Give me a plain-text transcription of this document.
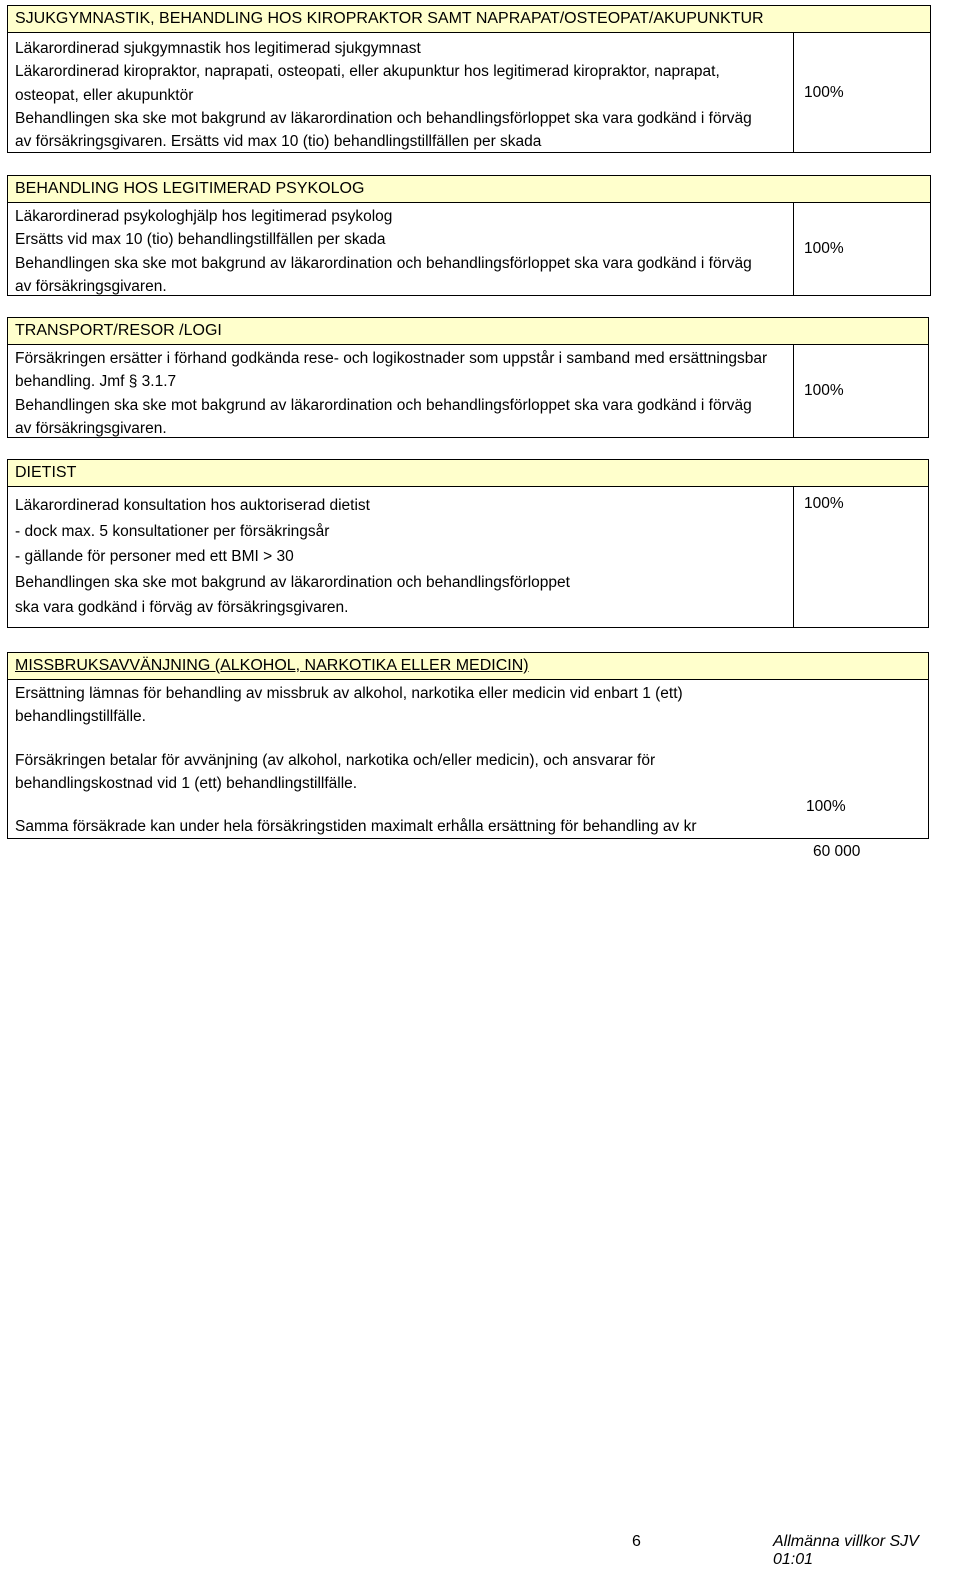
SJUKGYMNASTIK, BEHANDLING HOS KIROPRAKTOR SAMT NAPRAPAT/OSTEOPAT/AKUPUNKTUR
Läkarordinerad sjukgymnastik hos legitimerad sjukgymnast
Läkarordinerad kiropraktor, naprapati, osteopati, eller akupunktur hos legitimerad kiropraktor, naprapat,
osteopat, eller akupunktör
Behandlingen ska ske mot bakgrund av läkarordination och behandlingsförloppet ska vara godkänd i förväg
av försäkringsgivaren. Ersätts vid max 10 (tio) behandlingstillfällen per skada
100%
BEHANDLING HOS LEGITIMERAD PSYKOLOG
Läkarordinerad psykologhjälp hos legitimerad psykolog
Ersätts vid max 10 (tio) behandlingstillfällen per skada
Behandlingen ska ske mot bakgrund av läkarordination och behandlingsförloppet ska vara godkänd i förväg
av försäkringsgivaren.
100%
TRANSPORT/RESOR /LOGI
Försäkringen ersätter i förhand godkända rese- och logikostnader som uppstår i samband med ersättningsbar
behandling. Jmf § 3.1.7
Behandlingen ska ske mot bakgrund av läkarordination och behandlingsförloppet ska vara godkänd i förväg
av försäkringsgivaren.
100%
DIETIST
Läkarordinerad konsultation hos auktoriserad dietist
- dock max. 5 konsultationer per försäkringsår
- gällande för personer med ett BMI > 30
Behandlingen ska ske mot bakgrund av läkarordination och behandlingsförloppet
ska vara godkänd i förväg av försäkringsgivaren.
100%
MISSBRUKSAVVÄNJNING (ALKOHOL, NARKOTIKA ELLER MEDICIN)
Ersättning lämnas för behandling av missbruk av alkohol, narkotika eller medicin vid enbart 1 (ett)
behandlingstillfälle.
Försäkringen betalar för avvänjning (av alkohol, narkotika och/eller medicin), och ansvarar för
behandlingskostnad vid 1 (ett) behandlingstillfälle.
Samma försäkrade kan under hela försäkringstiden maximalt erhålla ersättning för behandling av kr
100%
60 000
6	Allmänna villkor SJV 01:01
